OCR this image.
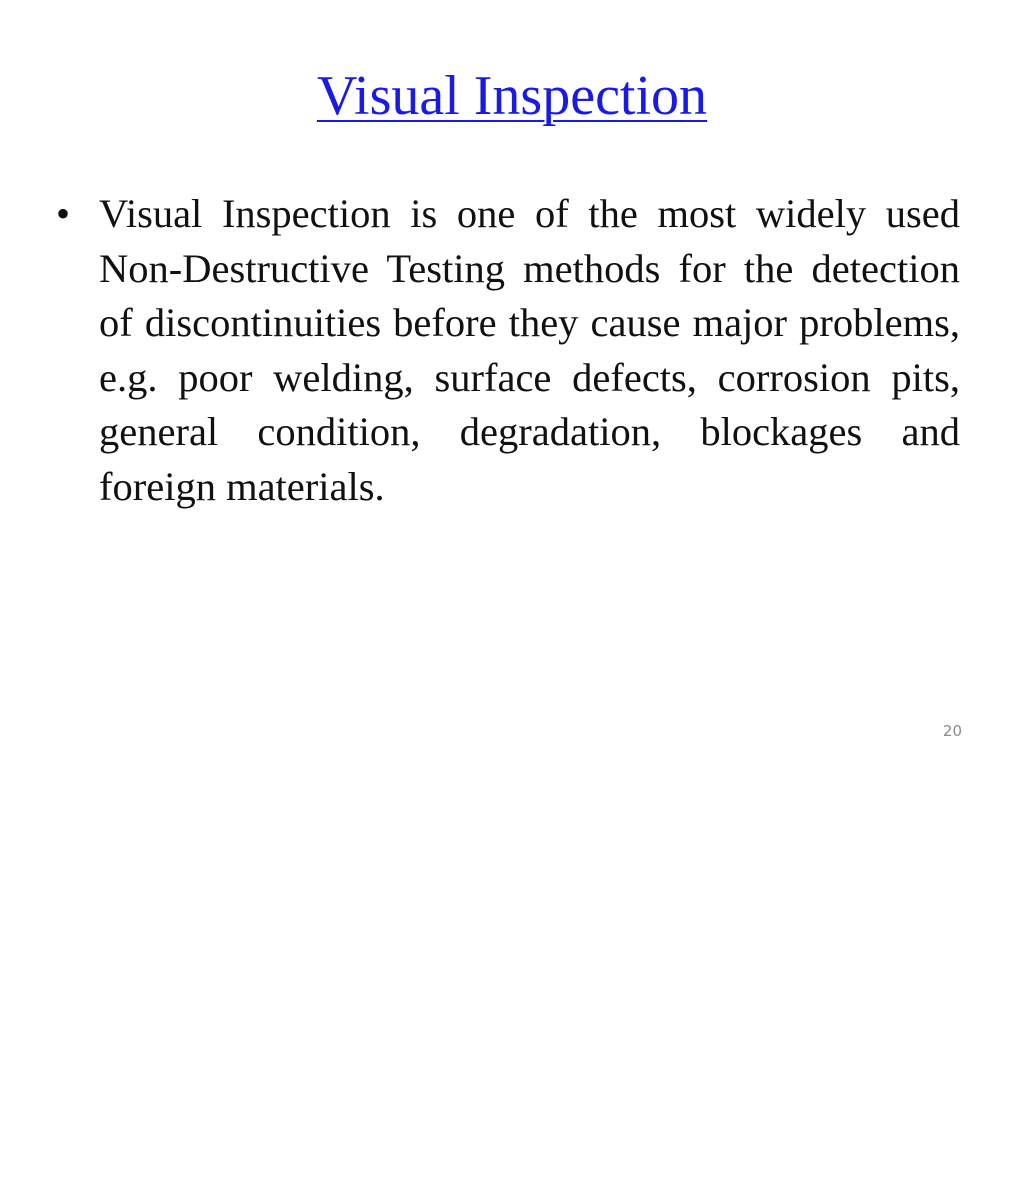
Visual Inspection
• Visual Inspection is one of the most widely used Non-Destructive Testing methods for the detection of discontinuities before they cause major problems, e.g. poor welding, surface defects, corrosion pits, general condition, degradation, blockages and foreign materials.
20
